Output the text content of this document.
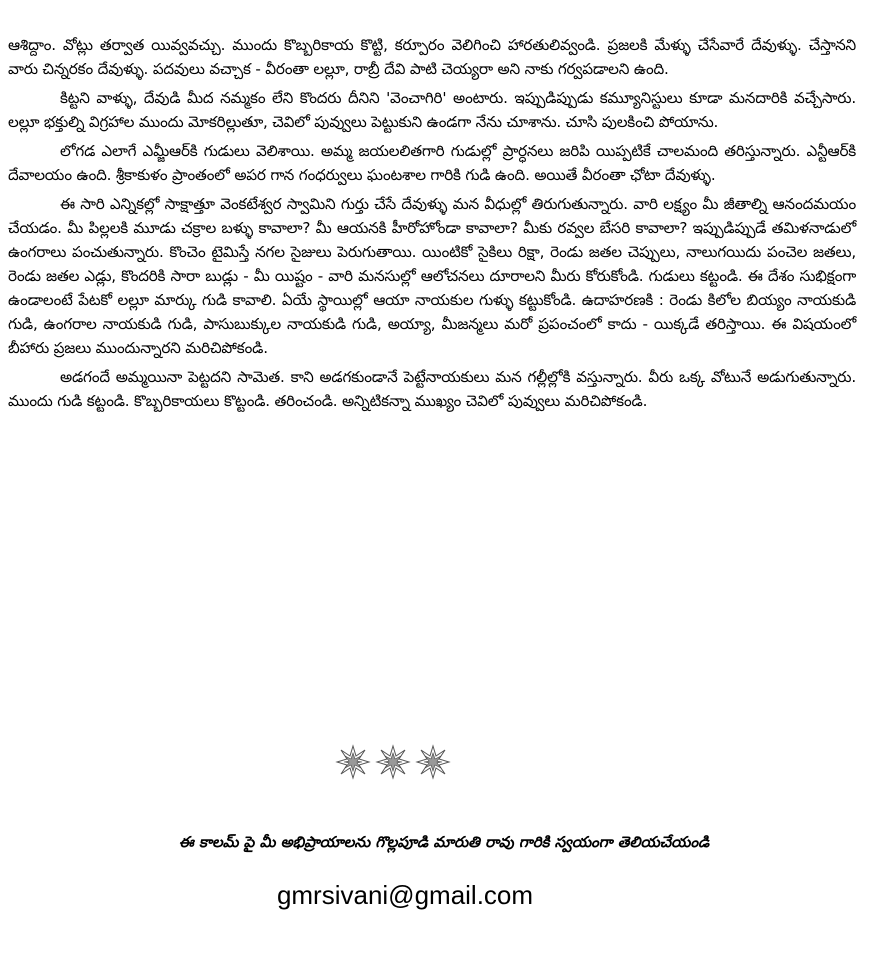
ఆశిద్దాం. వోట్లు తర్వాత యివ్వవచ్చు. ముందు కొబ్బరికాయ కొట్టి, కర్పూరం వెలిగించి హారతులివ్వండి. ప్రజలకి మేళ్ళు చేసేవారే దేవుళ్ళు. చేస్తానని వారు చిన్నరకం దేవుళ్ళు. పదవులు వచ్చాక - వీరంతా లల్లూ, రాబ్రీ దేవి పాటి చెయ్యరా అని నాకు గర్వపడాలని ఉంది.

కిట్టని వాళ్ళు, దేవుడి మీద నమ్మకం లేని కొందరు దీనిని 'వెంచాగిరి' అంటారు. ఇప్పుడిప్పుడు కమ్యూనిస్టులు కూడా మనదారికి వచ్చేసారు. లల్లూ భక్తుల్ని విగ్రహాల ముందు మోకరిల్లుతూ, చెవిలో పువ్వులు పెట్టుకుని ఉండగా నేను చూశాను. చూసి పులకించి పోయాను.

లోగడ ఎలాగే ఎమ్జీఆర్‌కి గుడులు వెలిశాయి. అమ్మ జయలలితగారి గుడుల్లో ప్రార్ధనలు జరిపి యిప్పటికే చాలమంది తరిస్తున్నారు. ఎన్టీఆర్‌కి దేవాలయం ఉంది. శ్రీకాకుళం ప్రాంతంలో అపర గాన గంధర్వులు ఘంటశాల గారికి గుడి ఉంది. అయితే వీరంతా ఛోటా దేవుళ్ళు.

ఈ సారి ఎన్నికల్లో సాక్షాత్తూ వెంకటేశ్వర స్వామిని గుర్తు చేసే దేవుళ్ళు మన వీధుల్లో తిరుగుతున్నారు. వారి లక్ష్యం మీ జీతాల్ని ఆనందమయం చేయడం. మీ పిల్లలకి మూడు చక్రాల బళ్ళు కావాలా? మీ ఆయనకి హీరోహోండా కావాలా? మీకు రవ్వల బేసరి కావాలా? ఇప్పుడిప్పుడే తమిళనాడులో ఉంగరాలు పంచుతున్నారు. కొంచెం టైమిస్తే నగల సైజులు పెరుగుతాయి. యింటికో సైకిలు రిక్షా, రెండు జతల చెప్పులు, నాలుగయిదు పంచెల జతలు, రెండు జతల ఎడ్లు, కొందరికి సారా బుడ్లు - మీ యిష్టం - వారి మనసుల్లో ఆలోచనలు దూరాలని మీరు కోరుకోండి. గుడులు కట్టండి. ఈ దేశం సుభిక్షంగా ఉండాలంటే పేటకో లల్లూ మార్కు గుడి కావాలి. ఏయే స్థాయిల్లో ఆయా నాయకుల గుళ్ళు కట్టుకోండి. ఉదాహరణకి : రెండు కిలోల బియ్యం నాయకుడి గుడి, ఉంగరాల నాయకుడి గుడి, పాసుబుక్కుల నాయకుడి గుడి, అయ్యా, మీజన్మలు మరో ప్రపంచంలో కాదు - యిక్కడే తరిస్తాయి. ఈ విషయంలో బీహారు ప్రజలు ముందున్నారని మరిచిపోకండి.

అడగందే అమ్మయినా పెట్టదని సామెత. కాని అడగకుండానే పెట్టేనాయకులు మన గల్లీల్లోకి వస్తున్నారు. వీరు ఒక్క వోటునే అడుగుతున్నారు. ముందు గుడి కట్టండి. కొబ్బరికాయలు కొట్టండి. తరించండి. అన్నిటికన్నా ముఖ్యం చెవిలో పువ్వులు మరిచిపోకండి.

ఈ కాలమ్ పై మీ అభిప్రాయాలను గొల్లపూడి మారుతి రావు గారికి స్వయంగా తెలియచేయండి
gmrsivani@gmail.com
